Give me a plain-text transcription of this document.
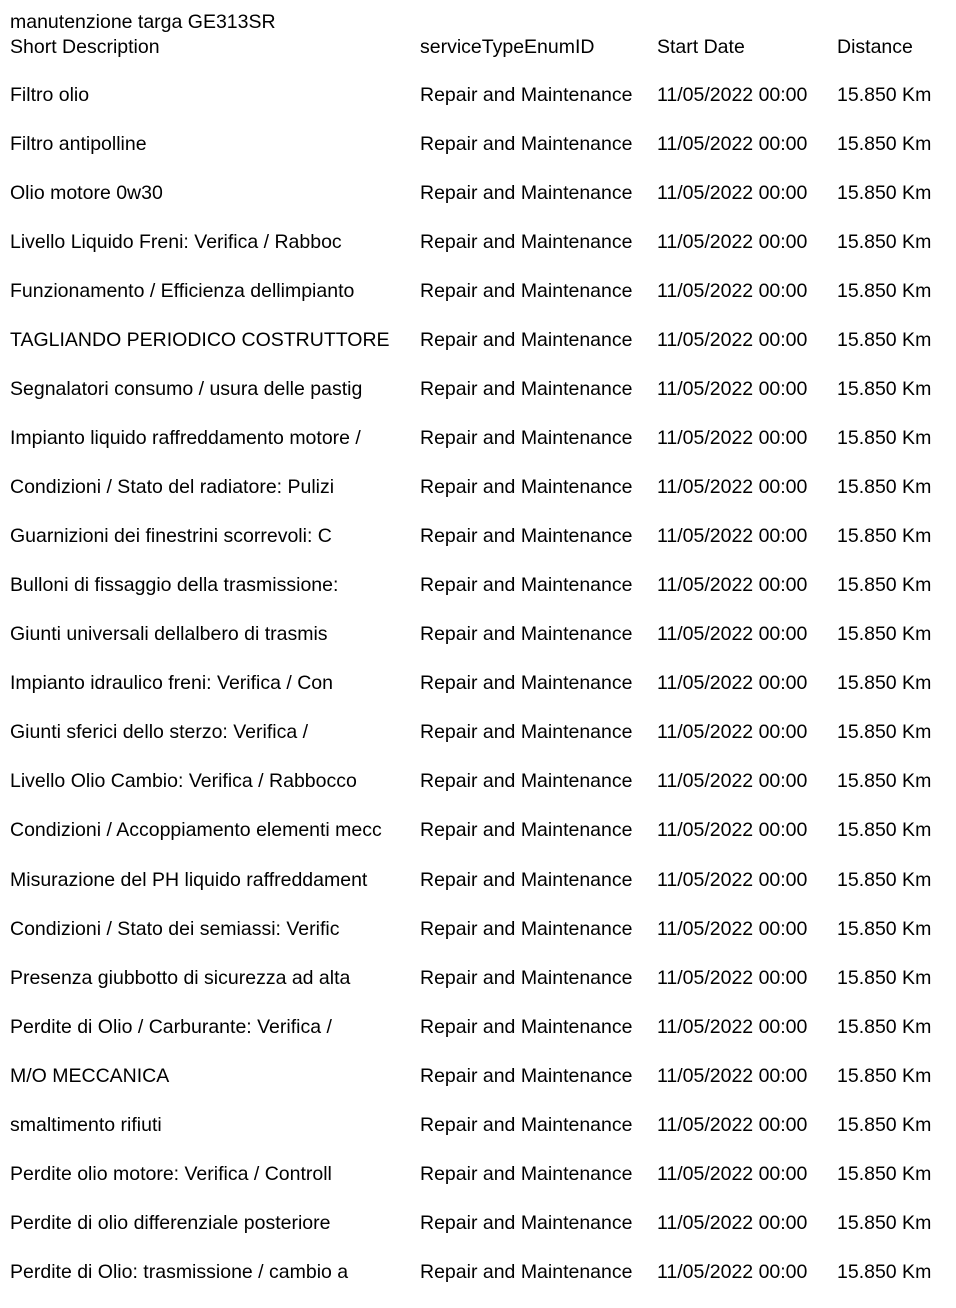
manutenzione targa GE313SR
Short Description	serviceTypeEnumID	Start Date	Distance
Filtro olio	Repair and Maintenance 11/05/2022 00:00 15.850 Km
Filtro antipolline	Repair and Maintenance 11/05/2022 00:00 15.850 Km
Olio motore 0w30	Repair and Maintenance 11/05/2022 00:00 15.850 Km
Livello Liquido Freni: Verifica / Rabboc	Repair and Maintenance 11/05/2022 00:00 15.850 Km
Funzionamento / Efficienza dellimpianto	Repair and Maintenance 11/05/2022 00:00 15.850 Km
TAGLIANDO PERIODICO COSTRUTTORE Repair and Maintenance 11/05/2022 00:00 15.850 Km
Segnalatori consumo / usura delle pastig	Repair and Maintenance 11/05/2022 00:00 15.850 Km
Impianto liquido raffreddamento motore /	Repair and Maintenance 11/05/2022 00:00 15.850 Km
Condizioni / Stato del radiatore: Pulizi	Repair and Maintenance 11/05/2022 00:00 15.850 Km
Guarnizioni dei finestrini scorrevoli: C	Repair and Maintenance 11/05/2022 00:00 15.850 Km
Bulloni di fissaggio della trasmissione:	Repair and Maintenance 11/05/2022 00:00 15.850 Km
Giunti universali dellalbero di trasmis	Repair and Maintenance 11/05/2022 00:00 15.850 Km
Impianto idraulico freni: Verifica / Con	Repair and Maintenance 11/05/2022 00:00 15.850 Km
Giunti sferici dello sterzo: Verifica /	Repair and Maintenance 11/05/2022 00:00 15.850 Km
Livello Olio Cambio: Verifica / Rabbocco	Repair and Maintenance 11/05/2022 00:00 15.850 Km
Condizioni / Accoppiamento elementi mecc Repair and Maintenance 11/05/2022 00:00 15.850 Km
Misurazione del PH liquido raffreddament	Repair and Maintenance 11/05/2022 00:00 15.850 Km
Condizioni / Stato dei semiassi: Verific	Repair and Maintenance 11/05/2022 00:00 15.850 Km
Presenza giubbotto di sicurezza ad alta	Repair and Maintenance 11/05/2022 00:00 15.850 Km
Perdite di Olio / Carburante: Verifica /	Repair and Maintenance 11/05/2022 00:00 15.850 Km
M/O MECCANICA	Repair and Maintenance 11/05/2022 00:00 15.850 Km
smaltimento rifiuti	Repair and Maintenance 11/05/2022 00:00 15.850 Km
Perdite olio motore: Verifica / Controll	Repair and Maintenance 11/05/2022 00:00 15.850 Km
Perdite di olio differenziale posteriore	Repair and Maintenance 11/05/2022 00:00 15.850 Km
Perdite di Olio: trasmissione / cambio a	Repair and Maintenance 11/05/2022 00:00 15.850 Km
